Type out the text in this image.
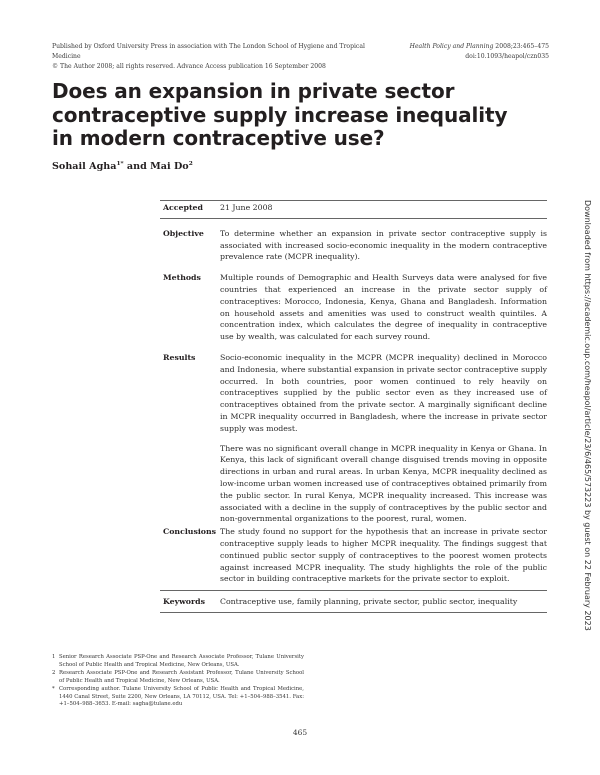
Published by Oxford University Press in association with The London School of Hygiene and Tropical Medicine
© The Author 2008; all rights reserved. Advance Access publication 16 September 2008
Health Policy and Planning 2008;23:465–475
doi:10.1093/heapol/czn035
Does an expansion in private sector contraceptive supply increase inequality in modern contraceptive use?
Sohail Agha$^{1*}$ and Mai Do$^2$
Accepted 21 June 2008

Objective To determine whether an expansion in private sector contraceptive supply is associated with increased socio-economic inequality in the modern contraceptive prevalence rate (MCPR inequality).

Methods Multiple rounds of Demographic and Health Surveys data were analysed for five countries that experienced an increase in the private sector supply of contraceptives: Morocco, Indonesia, Kenya, Ghana and Bangladesh. Information on household assets and amenities was used to construct wealth quintiles. A concentration index, which calculates the degree of inequality in contraceptive use by wealth, was calculated for each survey round.

Results	Socio-economic inequality in the MCPR (MCPR inequality) declined in Morocco and Indonesia, where substantial expansion in private sector contraceptive supply occurred. In both countries, poor women continued to rely heavily on contraceptives supplied by the public sector even as they increased use of contraceptives obtained from the private sector. A marginally significant decline in MCPR inequality occurred in Bangladesh, where the increase in private sector supply was modest.

There was no significant overall change in MCPR inequality in Kenya or Ghana. In Kenya, this lack of significant overall change disguised trends moving in opposite directions in urban and rural areas. In urban Kenya, MCPR inequality declined as low-income urban women increased use of contraceptives obtained primarily from the public sector. In rural Kenya, MCPR inequality increased. This increase was associated with a decline in the supply of contraceptives by the public sector and non-governmental organizations to the poorest, rural, women.

Conclusions The study found no support for the hypothesis that an increase in private sector contraceptive supply leads to higher MCPR inequality. The findings suggest that continued public sector supply of contraceptives to the poorest women protects against increased MCPR inequality. The study highlights the role of the public sector in building contraceptive markets for the private sector to exploit.

Keywords Contraceptive use, family planning, private sector, public sector, inequality	Downloaded from https://academic.oup.com/heapol/article/23/6/465/573223 by guest on 22 February 2023
1 Senior Research Associate PSP-One and Research Associate Professor, Tulane University School of Public Health and Tropical Medicine, New Orleans, USA.
2 Research Associate PSP-One and Research Assistant Professor, Tulane University School of Public Health and Tropical Medicine, New Orleans, USA.
* Corresponding author. Tulane University School of Public Health and Tropical Medicine, 1440 Canal Street, Suite 2200, New Orleans, LA 70112, USA. Tel: +1–504–988–3541. Fax: +1–504–988–3653. E-mail: sagha@tulane.edu
465
